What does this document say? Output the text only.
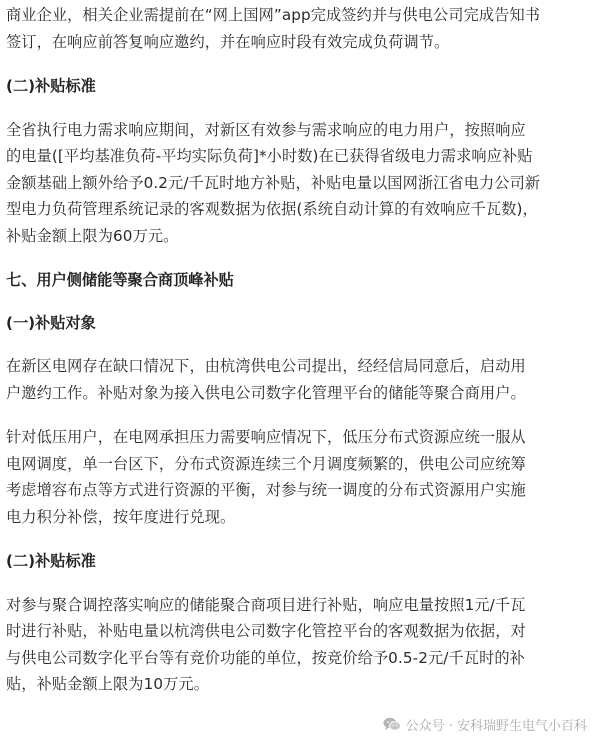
商业企业，相关企业需提前在“网上国网”app完成签约并与供电公司完成告知书
签订，在响应前答复响应邀约，并在响应时段有效完成负荷调节。

(二)补贴标准

全省执行电力需求响应期间，对新区有效参与需求响应的电力用户，按照响应
的电量([平均基准负荷-平均实际负荷]*小时数)在已获得省级电力需求响应补贴
金额基础上额外给予0.2元/千瓦时地方补贴，补贴电量以国网浙江省电力公司新
型电力负荷管理系统记录的客观数据为依据(系统自动计算的有效响应千瓦数)，
补贴金额上限为60万元。

七、用户侧储能等聚合商顶峰补贴

(一)补贴对象

在新区电网存在缺口情况下，由杭湾供电公司提出，经经信局同意后，启动用
户邀约工作。补贴对象为接入供电公司数字化管理平台的储能等聚合商用户。

针对低压用户，在电网承担压力需要响应情况下，低压分布式资源应统一服从
电网调度，单一台区下，分布式资源连续三个月调度频繁的，供电公司应统筹
考虑增容布点等方式进行资源的平衡，对参与统一调度的分布式资源用户实施
电力积分补偿，按年度进行兑现。

(二)补贴标准

对参与聚合调控落实响应的储能聚合商项目进行补贴，响应电量按照1元/千瓦
时进行补贴，补贴电量以杭湾供电公司数字化管控平台的客观数据为依据，对
与供电公司数字化平台等有竞价功能的单位，按竞价给予0.5-2元/千瓦时的补
贴，补贴金额上限为10万元。

公众号 · 安科瑞野生电气小百科
